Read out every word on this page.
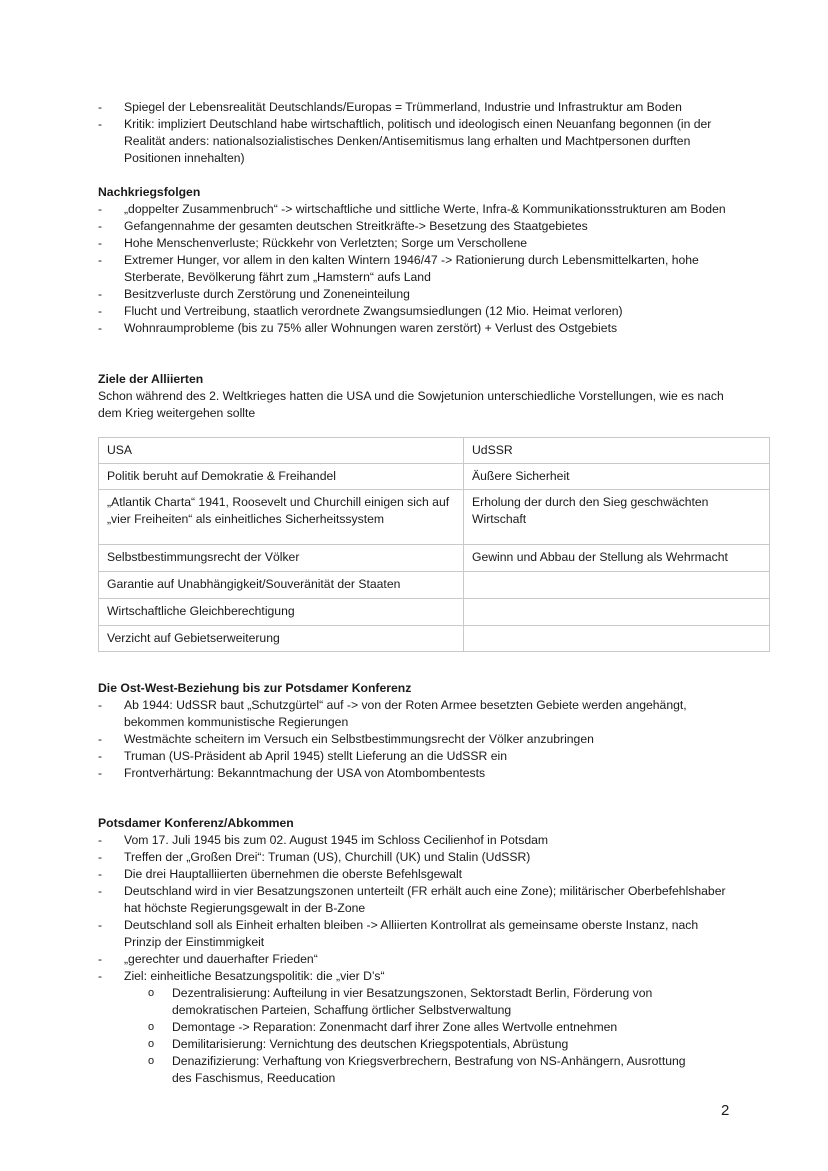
- Spiegel der Lebensrealität Deutschlands/Europas = Trümmerland, Industrie und Infrastruktur am Boden
- Kritik: impliziert Deutschland habe wirtschaftlich, politisch und ideologisch einen Neuanfang begonnen (in der Realität anders: nationalsozialistisches Denken/Antisemitismus lang erhalten und Machtpersonen durften Positionen innehalten)
Nachkriegsfolgen
- „doppelter Zusammenbruch“ -> wirtschaftliche und sittliche Werte, Infra-& Kommunikationsstrukturen am Boden
- Gefangennahme der gesamten deutschen Streitkräfte-> Besetzung des Staatgebietes
- Hohe Menschenverluste; Rückkehr von Verletzten; Sorge um Verschollene
- Extremer Hunger, vor allem in den kalten Wintern 1946/47 -> Rationierung durch Lebensmittelkarten, hohe Sterberate, Bevölkerung fährt zum „Hamstern“ aufs Land
- Besitzverluste durch Zerstörung und Zoneneinteilung
- Flucht und Vertreibung, staatlich verordnete Zwangsumsiedlungen (12 Mio. Heimat verloren)
- Wohnraumprobleme (bis zu 75% aller Wohnungen waren zerstört) + Verlust des Ostgebiets
Ziele der Alliierten
Schon während des 2. Weltkrieges hatten die USA und die Sowjetunion unterschiedliche Vorstellungen, wie es nach dem Krieg weitergehen sollte
USA	UdSSR
Politik beruht auf Demokratie & Freihandel	Äußere Sicherheit
„Atlantik Charta“ 1941, Roosevelt und Churchill einigen sich auf „vier Freiheiten“ als einheitliches Sicherheitssystem	Erholung der durch den Sieg geschwächten Wirtschaft
Selbstbestimmungsrecht der Völker	Gewinn und Abbau der Stellung als Wehrmacht
Garantie auf Unabhängigkeit/Souveränität der Staaten	
Wirtschaftliche Gleichberechtigung	
Verzicht auf Gebietserweiterung	
Die Ost-West-Beziehung bis zur Potsdamer Konferenz
- Ab 1944: UdSSR baut „Schutzgürtel“ auf -> von der Roten Armee besetzten Gebiete werden angehängt, bekommen kommunistische Regierungen
- Westmächte scheitern im Versuch ein Selbstbestimmungsrecht der Völker anzubringen
- Truman (US-Präsident ab April 1945) stellt Lieferung an die UdSSR ein
- Frontverhärtung: Bekanntmachung der USA von Atombombentests
Potsdamer Konferenz/Abkommen
- Vom 17. Juli 1945 bis zum 02. August 1945 im Schloss Cecilienhof in Potsdam
- Treffen der „Großen Drei“: Truman (US), Churchill (UK) und Stalin (UdSSR)
- Die drei Hauptalliierten übernehmen die oberste Befehlsgewalt
- Deutschland wird in vier Besatzungszonen unterteilt (FR erhält auch eine Zone); militärischer Oberbefehlshaber hat höchste Regierungsgewalt in der B-Zone
- Deutschland soll als Einheit erhalten bleiben -> Alliierten Kontrollrat als gemeinsame oberste Instanz, nach Prinzip der Einstimmigkeit
- „gerechter und dauerhafter Frieden“
- Ziel: einheitliche Besatzungspolitik: die „vier D’s“
o Dezentralisierung: Aufteilung in vier Besatzungszonen, Sektorstadt Berlin, Förderung von demokratischen Parteien, Schaffung örtlicher Selbstverwaltung
o Demontage -> Reparation: Zonenmacht darf ihrer Zone alles Wertvolle entnehmen
o Demilitarisierung: Vernichtung des deutschen Kriegspotentials, Abrüstung
o Denazifizierung: Verhaftung von Kriegsverbrechern, Bestrafung von NS-Anhängern, Ausrottung des Faschismus, Reeducation
2
